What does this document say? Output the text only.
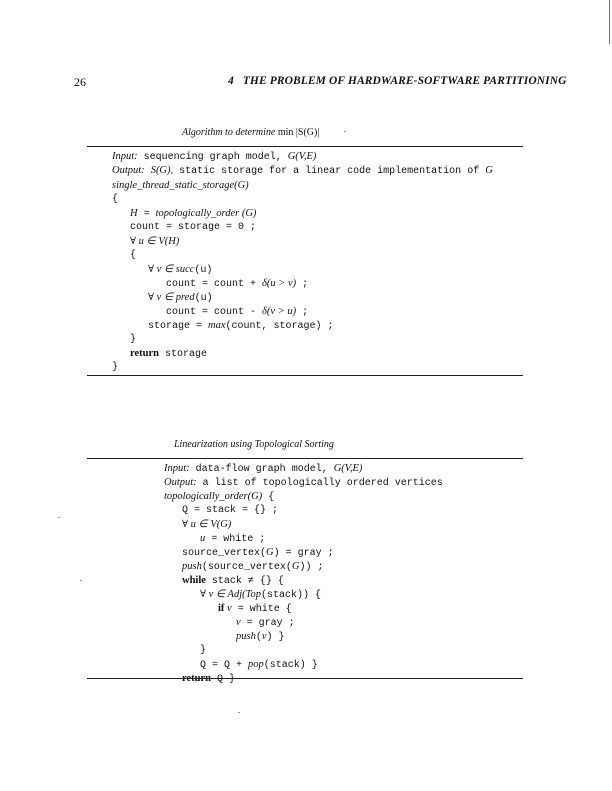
26	4   THE PROBLEM OF HARDWARE-SOFTWARE PARTITIONING
Algorithm to determine min |S(G)|
Input: sequencing graph model, G(V,E)
Output: S(G), static storage for a linear code implementation of G
single_thread_static_storage(G)
{
H = topologically_order (G)
count = storage = 0 ;
∀ u ∈ V(H)
{
∀ v ∈ succ(u)
count = count + δ(u > v) ;
∀ v ∈ pred(u)
count = count - δ(v > u) ;
storage = max(count, storage) ;
}
return storage
}
Linearization using Topological Sorting
Input: data-flow graph model, G(V,E)
Output: a list of topologically ordered vertices
topologically_order(G) {
Q = stack = {} ;
∀ u ∈ V(G)
u = white ;
source_vertex(G) = gray ;
push(source_vertex(G)) ;
while stack ≠ {} {
∀ v ∈ Adj(Top(stack)) {
if v = white {
v = gray ;
push(v) }
}
Q = Q + pop(stack) }
return Q }
